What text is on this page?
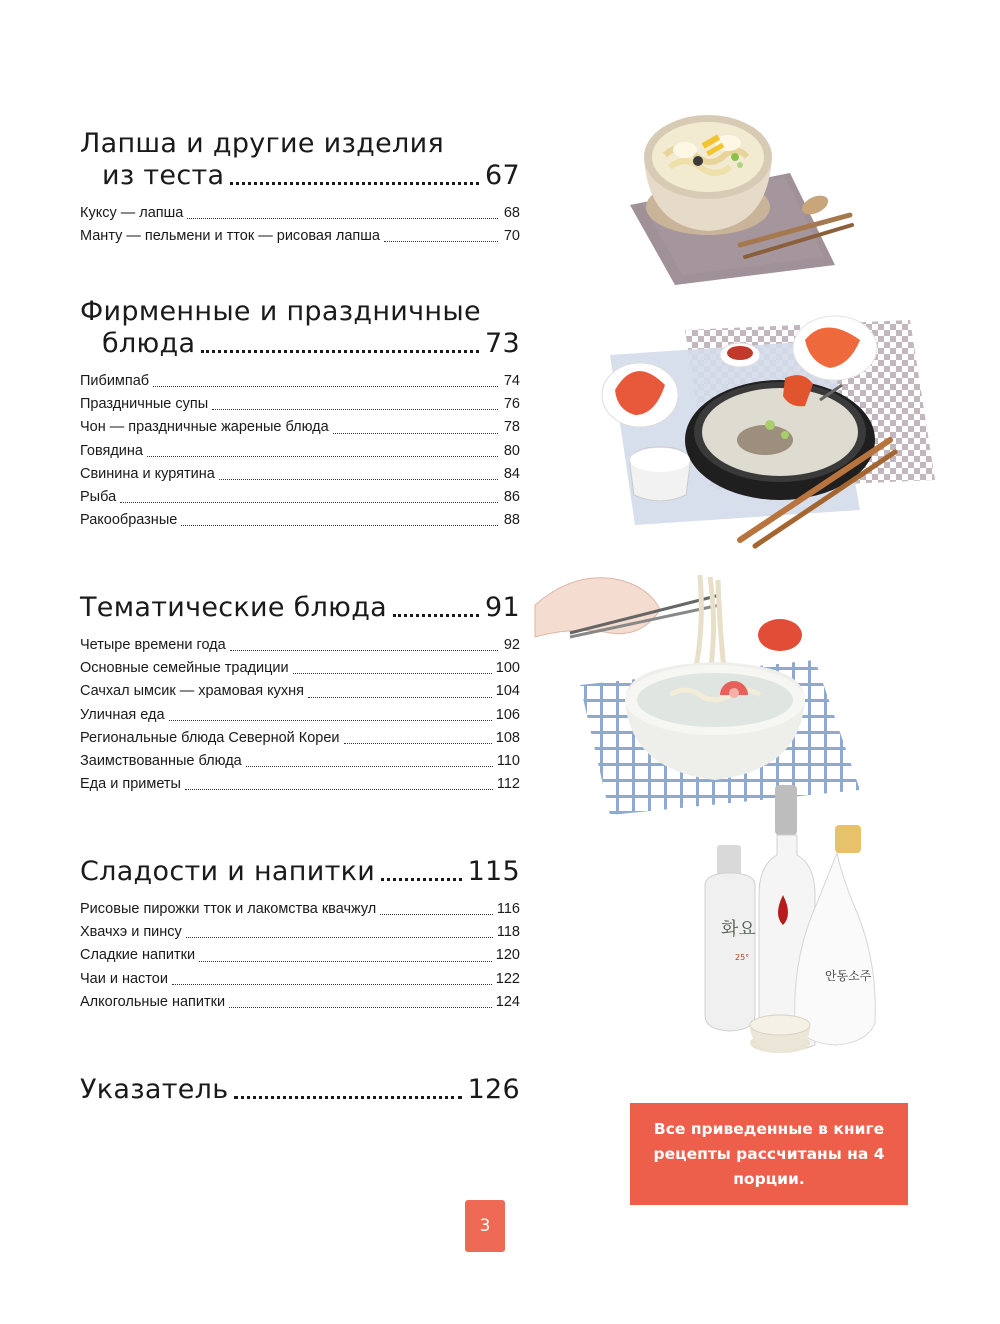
Лапша и другие изделия
из теста	67
Куксу — лапша	68
Манту — пельмени и тток — рисовая лапша	70
Фирменные и праздничные
блюда	73
Пибимпаб	74
Праздничные супы	76
Чон — праздничные жареные блюда	78
Говядина	80
Свинина и курятина	84
Рыба	86
Ракообразные	88
Тематические блюда	91
Четыре времени года	92
Основные семейные традиции	100
Сачхал ымсик — храмовая кухня	104
Уличная еда	106
Региональные блюда Северной Кореи	108
Заимствованные блюда	110
Еда и приметы	112
Сладости и напитки	115
Рисовые пирожки тток и лакомства квачжул	116
Хвачхэ и пинсу	118
Сладкие напитки	120
Чаи и настои	122
Алкогольные напитки	124
Указатель	126
화요
25°
안동소주
Все приведенные в книге рецепты рассчитаны на 4 порции.
3
